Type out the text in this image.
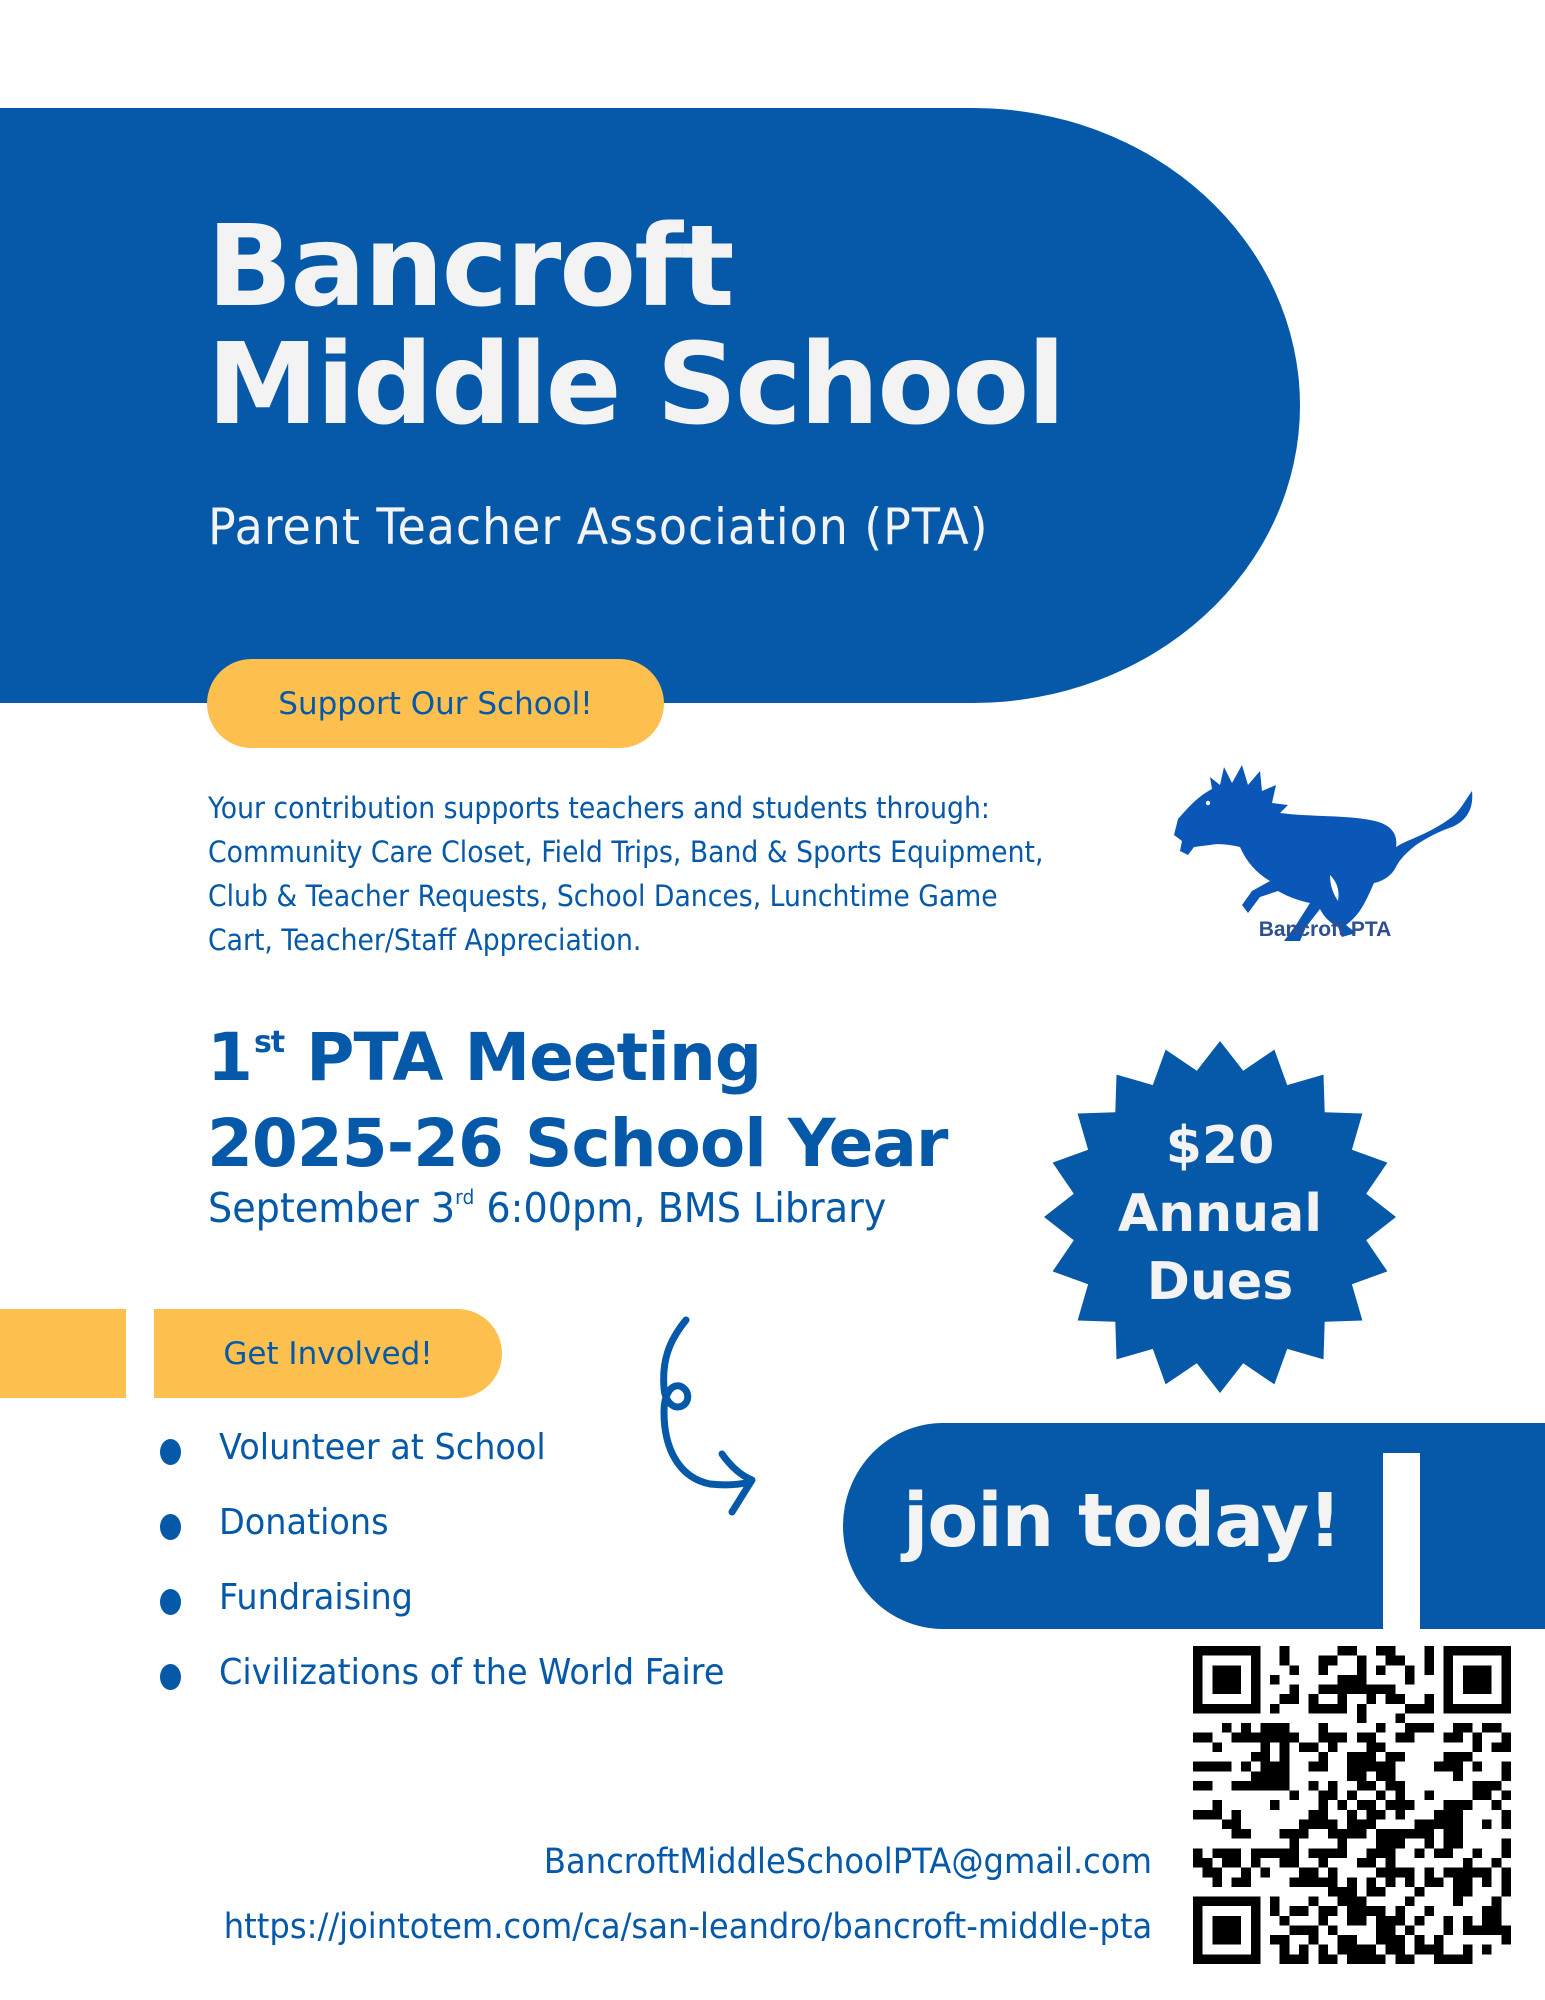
Bancroft
Middle School

Parent Teacher Association (PTA)

Support Our School!

Your contribution supports teachers and students through: Community Care Closet, Field Trips, Band & Sports Equipment, Club & Teacher Requests, School Dances, Lunchtime Game Cart, Teacher/Staff Appreciation.	Bancroft PTA
1st PTA Meeting
2025-26 School Year

September 3rd 6:00pm, BMS Library

$20
Annual
Dues
Get Involved!
Volunteer at School
Donations
Fundraising
Civilizations of the World Faire
join today!
BancroftMiddleSchoolPTA@gmail.com
https://jointotem.com/ca/san-leandro/bancroft-middle-pta
